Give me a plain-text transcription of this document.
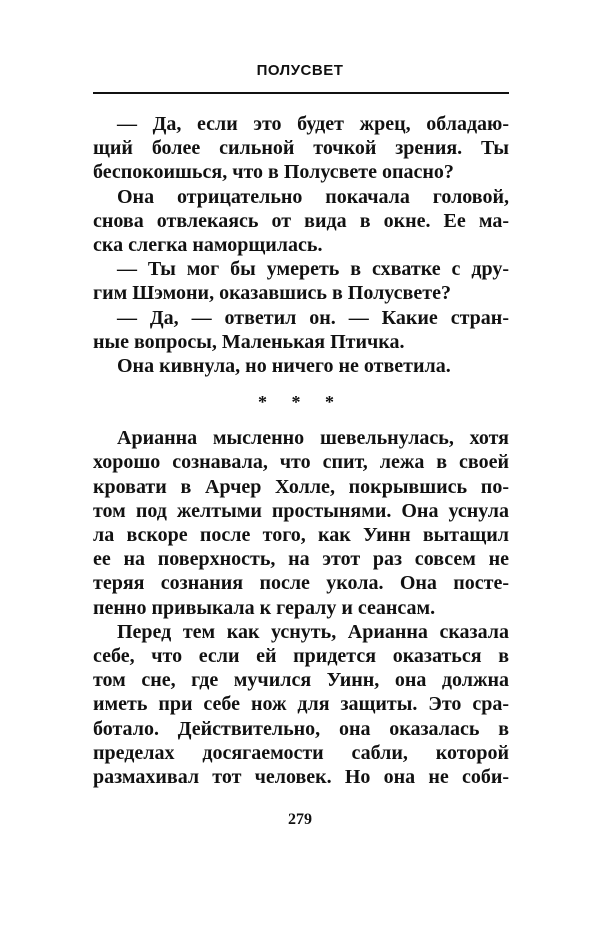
ПОЛУСВЕТ
— Да, если это будет жрец, обладаю-
щий более сильной точкой зрения. Ты
беспокоишься, что в Полусвете опасно?
Она отрицательно покачала головой,
снова отвлекаясь от вида в окне. Ее ма-
ска слегка наморщилась.
— Ты мог бы умереть в схватке с дру-
гим Шэмони, оказавшись в Полусвете?
— Да, — ответил он. — Какие стран-
ные вопросы, Маленькая Птичка.
Она кивнула, но ничего не ответила.
* * *
Арианна мысленно шевельнулась, хотя
хорошо сознавала, что спит, лежа в своей
кровати в Арчер Холле, покрывшись по-
том под желтыми простынями. Она уснула
ла вскоре после того, как Уинн вытащил
ее на поверхность, на этот раз совсем не
теряя сознания после укола. Она посте-
пенно привыкала к гералу и сеансам.
Перед тем как уснуть, Арианна сказала
себе, что если ей придется оказаться в
том сне, где мучился Уинн, она должна
иметь при себе нож для защиты. Это сра-
ботало. Действительно, она оказалась в
пределах досягаемости сабли, которой
размахивал тот человек. Но она не соби-
279
